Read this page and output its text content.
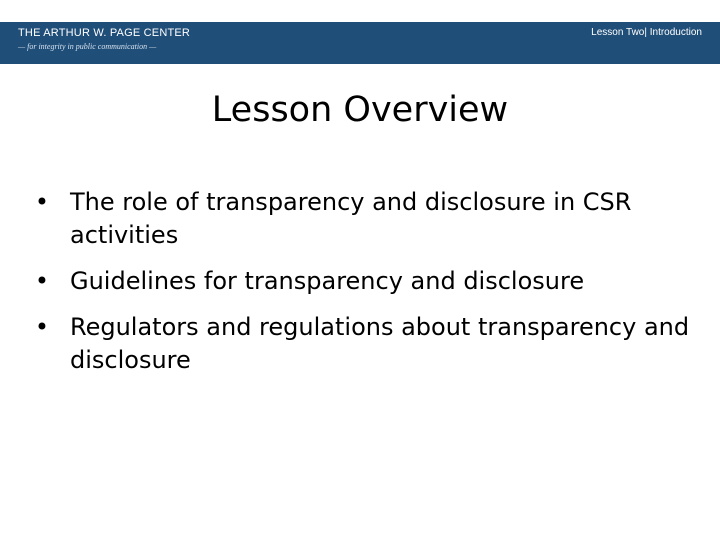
THE ARTHUR W. PAGE CENTER
— for integrity in public communication —
Lesson Two| Introduction
Lesson Overview
• The role of transparency and disclosure in CSR activities
• Guidelines for transparency and disclosure
• Regulators and regulations about transparency and disclosure
